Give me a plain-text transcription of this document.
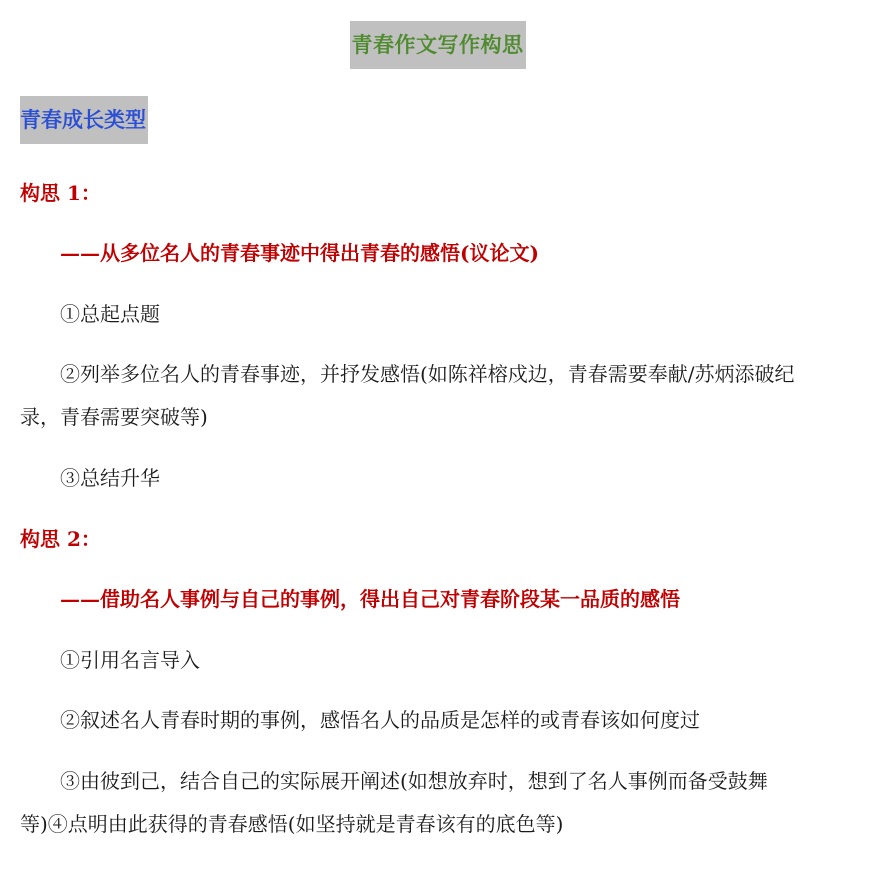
青春作文写作构思
青春成长类型
构思 1：
——从多位名人的青春事迹中得出青春的感悟(议论文)
①总起点题
②列举多位名人的青春事迹，并抒发感悟(如陈祥榕戍边，青春需要奉献/苏炳添破纪录，青春需要突破等)
③总结升华
构思 2：
——借助名人事例与自己的事例，得出自己对青春阶段某一品质的感悟
①引用名言导入
②叙述名人青春时期的事例，感悟名人的品质是怎样的或青春该如何度过
③由彼到己，结合自己的实际展开阐述(如想放弃时，想到了名人事例而备受鼓舞等)④点明由此获得的青春感悟(如坚持就是青春该有的底色等)
